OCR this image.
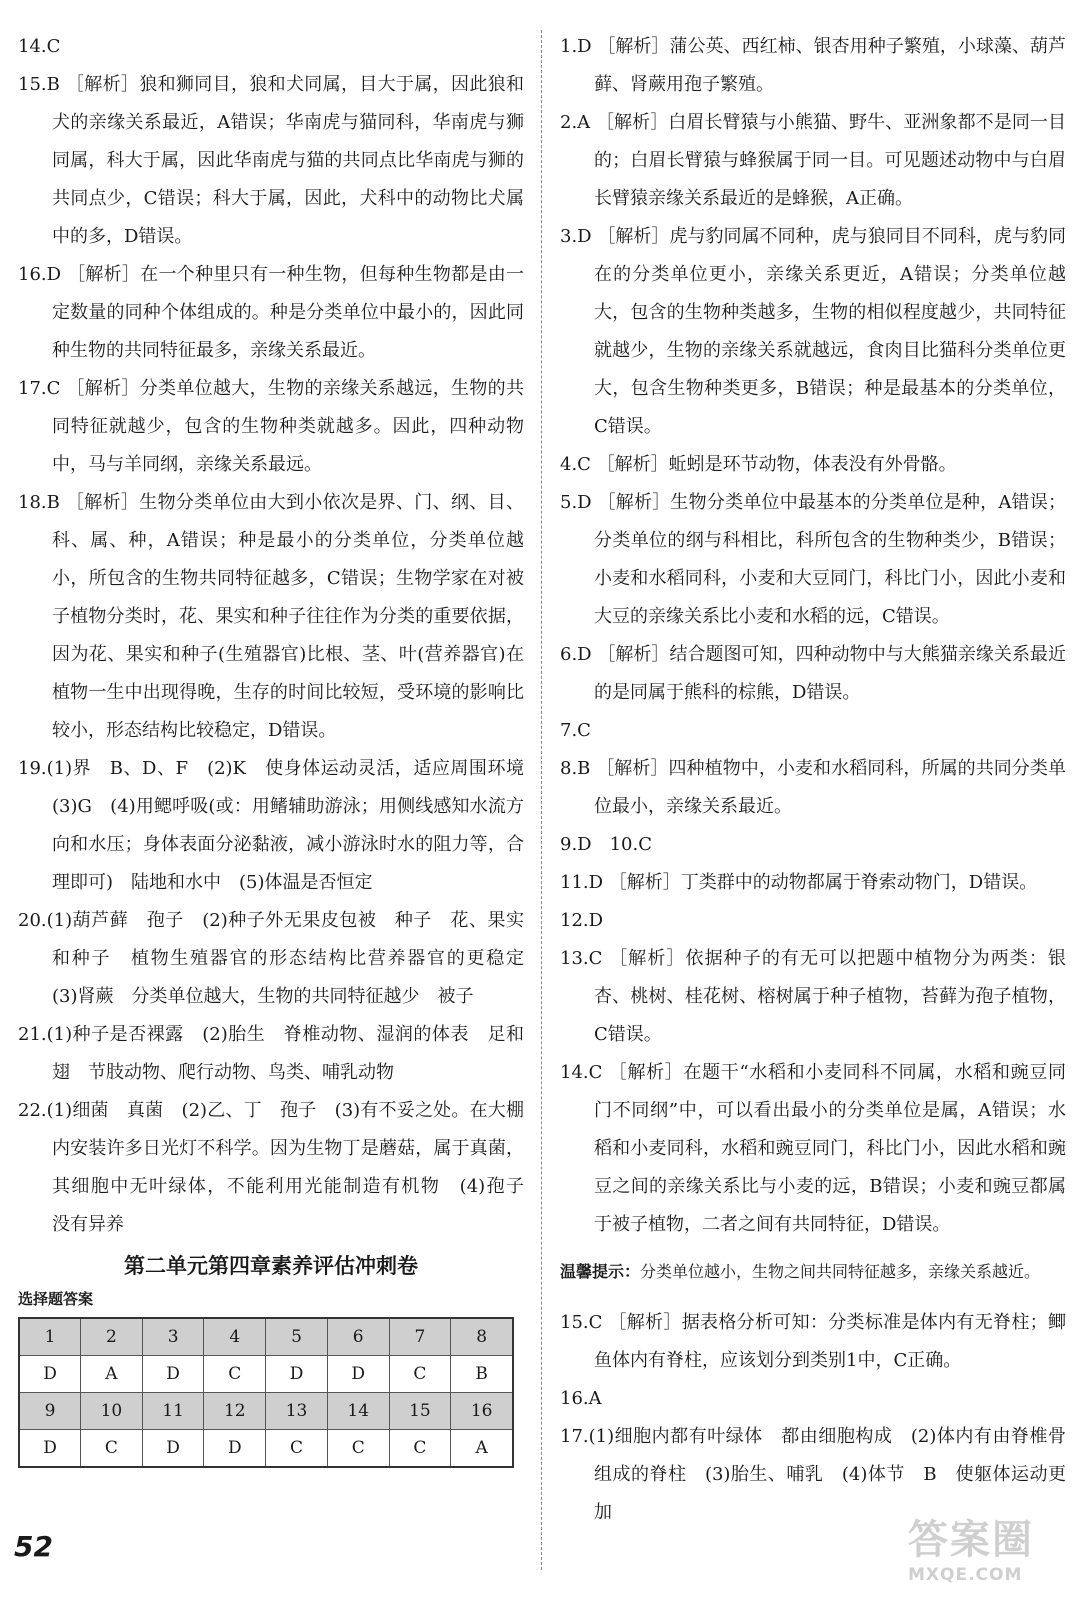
14.C

15.B ［解析］狼和狮同目，狼和犬同属，目大于属，因此狼和犬的亲缘关系最近，A错误；华南虎与猫同科，华南虎与狮同属，科大于属，因此华南虎与猫的共同点比华南虎与狮的共同点少，C错误；科大于属，因此，犬科中的动物比犬属中的多，D错误。

16.D ［解析］在一个种里只有一种生物，但每种生物都是由一定数量的同种个体组成的。种是分类单位中最小的，因此同种生物的共同特征最多，亲缘关系最近。

17.C ［解析］分类单位越大，生物的亲缘关系越远，生物的共同特征就越少，包含的生物种类就越多。因此，四种动物中，马与羊同纲，亲缘关系最远。

18.B ［解析］生物分类单位由大到小依次是界、门、纲、目、科、属、种，A错误；种是最小的分类单位，分类单位越小，所包含的生物共同特征越多，C错误；生物学家在对被子植物分类时，花、果实和种子往往作为分类的重要依据，因为花、果实和种子(生殖器官)比根、茎、叶(营养器官)在植物一生中出现得晚，生存的时间比较短，受环境的影响比较小，形态结构比较稳定，D错误。

19.(1)界　B、D、F　(2)K　使身体运动灵活，适应周围环境　(3)G　(4)用鳃呼吸(或：用鳍辅助游泳；用侧线感知水流方向和水压；身体表面分泌黏液，减小游泳时水的阻力等，合理即可)　陆地和水中　(5)体温是否恒定

20.(1)葫芦藓　孢子　(2)种子外无果皮包被　种子　花、果实和种子　植物生殖器官的形态结构比营养器官的更稳定　(3)肾蕨　分类单位越大，生物的共同特征越少　被子

21.(1)种子是否裸露　(2)胎生　脊椎动物、湿润的体表　足和翅　节肢动物、爬行动物、鸟类、哺乳动物

22.(1)细菌　真菌　(2)乙、丁　孢子　(3)有不妥之处。在大棚内安装许多日光灯不科学。因为生物丁是蘑菇，属于真菌，其细胞中无叶绿体，不能利用光能制造有机物　(4)孢子　没有异养

第二单元第四章素养评估冲刺卷
选择题答案
1	2	3	4	5	6	7	8
D	A	D	C	D	D	C	B
9	10	11	12	13	14	15	16
D	C	D	D	C	C	C	A

1.D ［解析］蒲公英、西红柿、银杏用种子繁殖，小球藻、葫芦藓、肾蕨用孢子繁殖。

2.A ［解析］白眉长臂猿与小熊猫、野牛、亚洲象都不是同一目的；白眉长臂猿与蜂猴属于同一目。可见题述动物中与白眉长臂猿亲缘关系最近的是蜂猴，A正确。

3.D ［解析］虎与豹同属不同种，虎与狼同目不同科，虎与豹同在的分类单位更小，亲缘关系更近，A错误；分类单位越大，包含的生物种类越多，生物的相似程度越少，共同特征就越少，生物的亲缘关系就越远，食肉目比猫科分类单位更大，包含生物种类更多，B错误；种是最基本的分类单位，C错误。

4.C ［解析］蚯蚓是环节动物，体表没有外骨骼。

5.D ［解析］生物分类单位中最基本的分类单位是种，A错误；分类单位的纲与科相比，科所包含的生物种类少，B错误；小麦和水稻同科，小麦和大豆同门，科比门小，因此小麦和大豆的亲缘关系比小麦和水稻的远，C错误。

6.D ［解析］结合题图可知，四种动物中与大熊猫亲缘关系最近的是同属于熊科的棕熊，D错误。

7.C

8.B ［解析］四种植物中，小麦和水稻同科，所属的共同分类单位最小，亲缘关系最近。

9.D　10.C

11.D ［解析］丁类群中的动物都属于脊索动物门，D错误。

12.D

13.C ［解析］依据种子的有无可以把题中植物分为两类：银杏、桃树、桂花树、榕树属于种子植物，苔藓为孢子植物，C错误。

14.C ［解析］在题干“水稻和小麦同科不同属，水稻和豌豆同门不同纲”中，可以看出最小的分类单位是属，A错误；水稻和小麦同科，水稻和豌豆同门，科比门小，因此水稻和豌豆之间的亲缘关系比与小麦的远，B错误；小麦和豌豆都属于被子植物，二者之间有共同特征，D错误。

温馨提示：分类单位越小，生物之间共同特征越多，亲缘关系越近。

15.C ［解析］据表格分析可知：分类标准是体内有无脊柱；鲫鱼体内有脊柱，应该划分到类别1中，C正确。

16.A

17.(1)细胞内都有叶绿体　都由细胞构成　(2)体内有由脊椎骨组成的脊柱　(3)胎生、哺乳　(4)体节　B　使躯体运动更加

52	答案圈
MXQE.COM
